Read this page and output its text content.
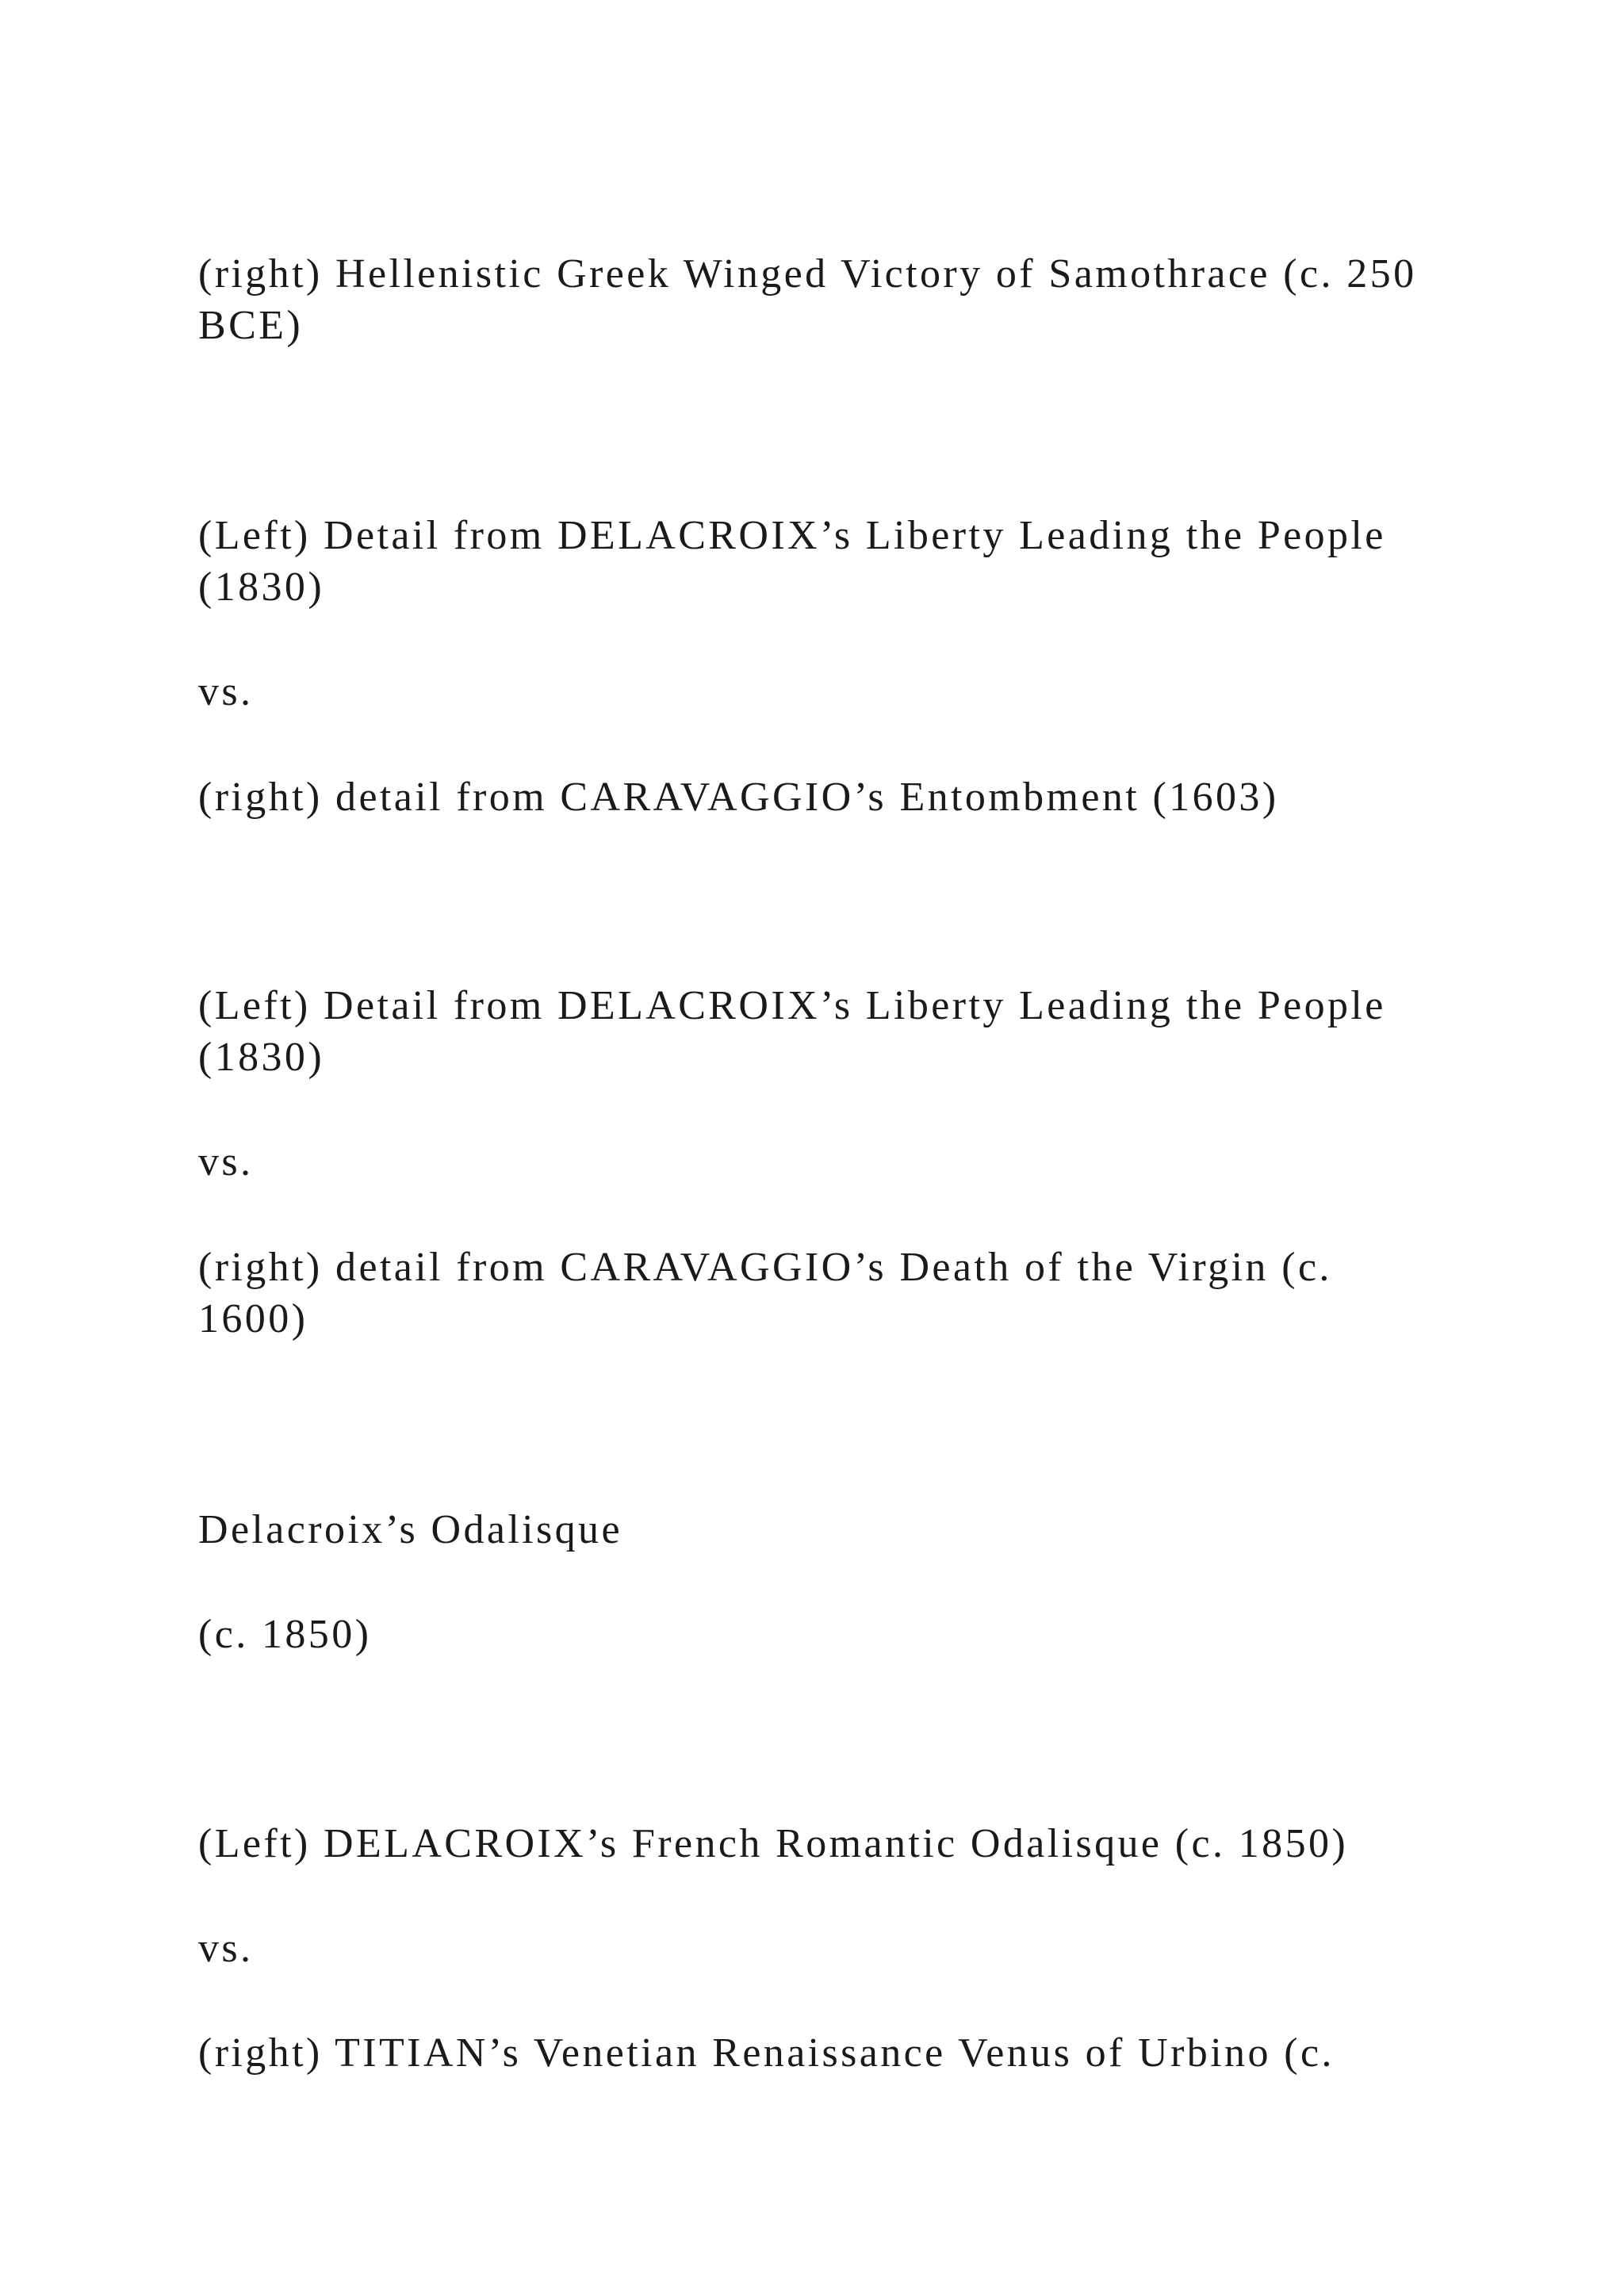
(right) Hellenistic Greek Winged Victory of Samothrace (c. 250

BCE)

(Left) Detail from DELACROIX’s Liberty Leading the People

(1830)

vs.

(right) detail from CARAVAGGIO’s Entombment (1603)

(Left) Detail from DELACROIX’s Liberty Leading the People

(1830)

vs.

(right) detail from CARAVAGGIO’s Death of the Virgin (c.

1600)

Delacroix’s Odalisque

(c. 1850)

(Left) DELACROIX’s French Romantic Odalisque (c. 1850)

vs.

(right) TITIAN’s Venetian Renaissance Venus of Urbino (c.
